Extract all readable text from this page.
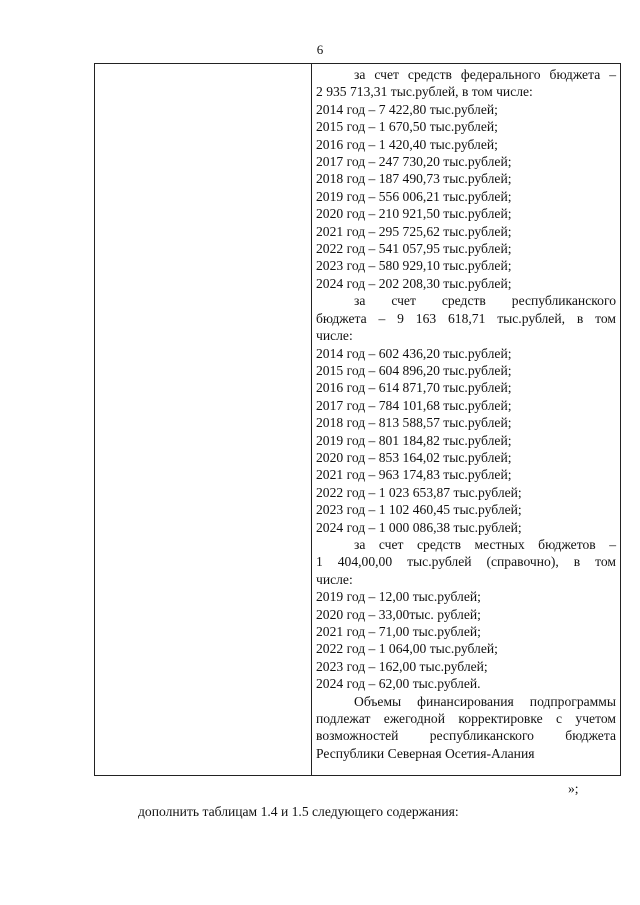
6
за счет средств федерального бюджета –
2 935 713,31 тыс.рублей, в том числе:
2014 год – 7 422,80 тыс.рублей;
2015 год – 1 670,50 тыс.рублей;
2016 год – 1 420,40 тыс.рублей;
2017 год – 247 730,20 тыс.рублей;
2018 год – 187 490,73 тыс.рублей;
2019 год – 556 006,21 тыс.рублей;
2020 год – 210 921,50 тыс.рублей;
2021 год – 295 725,62 тыс.рублей;
2022 год – 541 057,95 тыс.рублей;
2023 год – 580 929,10 тыс.рублей;
2024 год – 202 208,30 тыс.рублей;
за счет средств республиканского
бюджета – 9 163 618,71 тыс.рублей, в том
числе:
2014 год – 602 436,20 тыс.рублей;
2015 год – 604 896,20 тыс.рублей;
2016 год – 614 871,70 тыс.рублей;
2017 год – 784 101,68 тыс.рублей;
2018 год – 813 588,57 тыс.рублей;
2019 год – 801 184,82 тыс.рублей;
2020 год – 853 164,02 тыс.рублей;
2021 год – 963 174,83 тыс.рублей;
2022 год – 1 023 653,87 тыс.рублей;
2023 год – 1 102 460,45 тыс.рублей;
2024 год – 1 000 086,38 тыс.рублей;
за счет средств местных бюджетов –
1 404,00,00 тыс.рублей (справочно), в том
числе:
2019 год – 12,00 тыс.рублей;
2020 год – 33,00тыс. рублей;
2021 год – 71,00 тыс.рублей;
2022 год – 1 064,00 тыс.рублей;
2023 год – 162,00 тыс.рублей;
2024 год – 62,00 тыс.рублей.
Объемы финансирования подпрограммы подлежат ежегодной корректировке с учетом возможностей республиканского бюджета Республики Северная Осетия-Алания
»;
дополнить таблицам 1.4 и 1.5 следующего содержания:
